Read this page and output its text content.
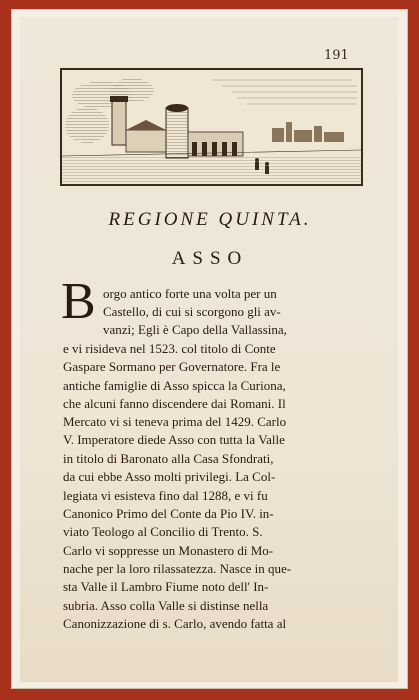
191
REGIONE QUINTA.
ASSO
B orgo antico forte una volta per un
Castello, di cui si scorgono gli av-
vanzi; Egli è Capo della Vallassina,
e vi risideva nel 1523. col titolo di Conte
Gaspare Sormano per Governatore. Fra le
antiche famiglie di Asso spicca la Curiona,
che alcuni fanno discendere dai Romani. Il
Mercato vi si teneva prima del 1429. Carlo
V. Imperatore diede Asso con tutta la Valle
in titolo di Baronato alla Casa Sfondrati,
da cui ebbe Asso molti privilegi. La Col-
legiata vi esisteva fino dal 1288, e vi fu
Canonico Primo del Conte da Pio IV. in-
viato Teologo al Concilio di Trento. S.
Carlo vi soppresse un Monastero di Mo-
nache per la loro rilassatezza. Nasce in que-
sta Valle il Lambro Fiume noto dell' In-
subria. Asso colla Valle si distinse nella
Canonizzazione di s. Carlo, avendo fatta al
